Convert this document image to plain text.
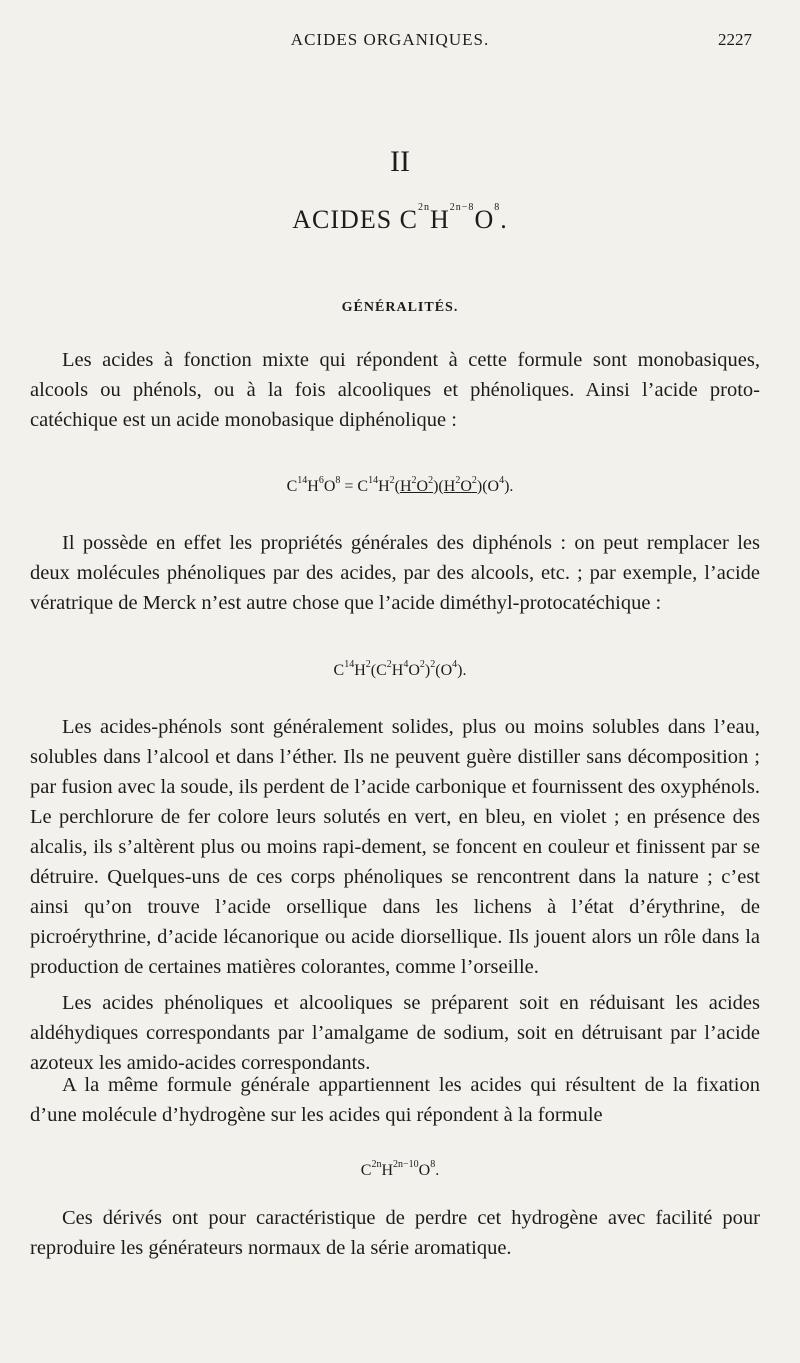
ACIDES ORGANIQUES.	2227
II
ACIDES $C^{2n}H^{2n-8}O^8$.
GÉNÉRALITÉS.

Les acides à fonction mixte qui répondent à cette formule sont monobasiques, alcools ou phénols, ou à la fois alcooliques et phénoliques. Ainsi l’acide proto-catéchique est un acide monobasique diphénolique :

$C^{14}H^6O^8 = C^{14}H^2(H^2O^2)(H^2O^2)(O^4)$.

Il possède en effet les propriétés générales des diphénols : on peut remplacer les deux molécules phénoliques par des acides, par des alcools, etc. ; par exemple, l’acide vératrique de Merck n’est autre chose que l’acide diméthyl-protocatéchique :

$C^{14}H^2(C^2H^4O^2)^2(O^4)$.

Les acides-phénols sont généralement solides, plus ou moins solubles dans l’eau, solubles dans l’alcool et dans l’éther. Ils ne peuvent guère distiller sans décomposition ; par fusion avec la soude, ils perdent de l’acide carbonique et fournissent des oxyphénols. Le perchlorure de fer colore leurs solutés en vert, en bleu, en violet ; en présence des alcalis, ils s’altèrent plus ou moins rapi-dement, se foncent en couleur et finissent par se détruire. Quelques-uns de ces corps phénoliques se rencontrent dans la nature ; c’est ainsi qu’on trouve l’acide orsellique dans les lichens à l’état d’érythrine, de picroérythrine, d’acide lécanorique ou acide diorsellique. Ils jouent alors un rôle dans la production de certaines matières colorantes, comme l’orseille.

Les acides phénoliques et alcooliques se préparent soit en réduisant les acides aldéhydiques correspondants par l’amalgame de sodium, soit en détruisant par l’acide azoteux les amido-acides correspondants.

A la même formule générale appartiennent les acides qui résultent de la fixation d’une molécule d’hydrogène sur les acides qui répondent à la formule

$C^{2n}H^{2n-10}O^8$.

Ces dérivés ont pour caractéristique de perdre cet hydrogène avec facilité pour reproduire les générateurs normaux de la série aromatique.
